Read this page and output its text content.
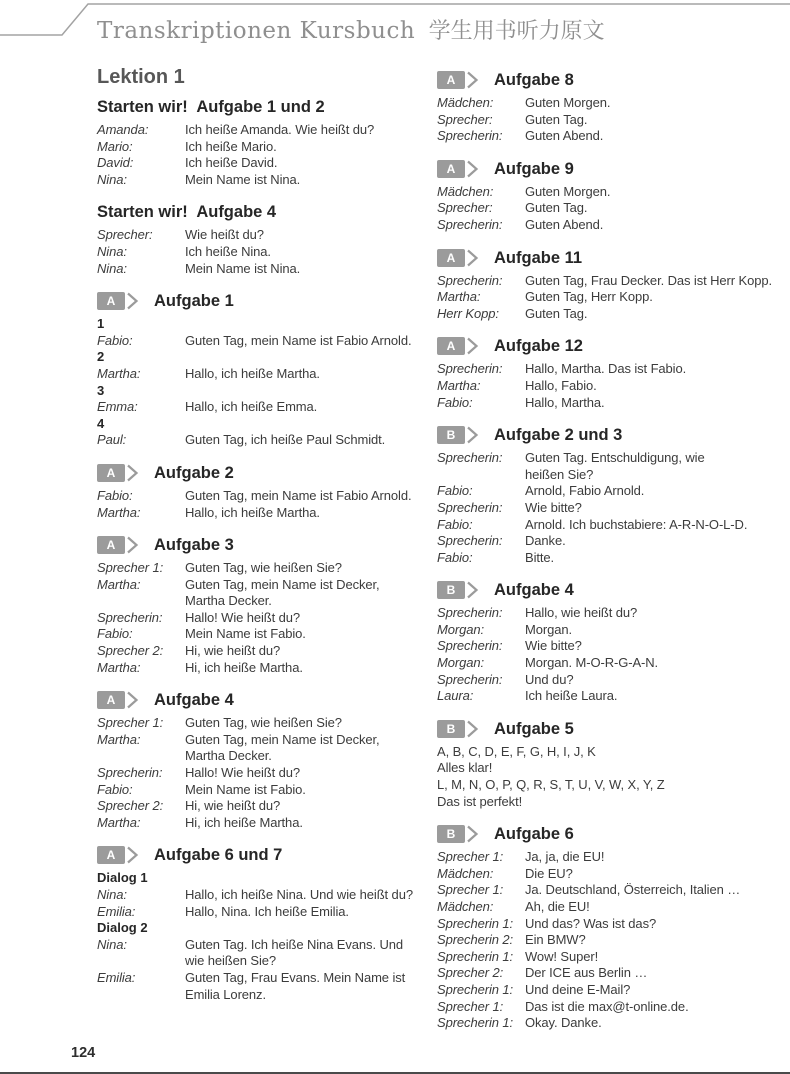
Transkriptionen Kursbuch 学生用书听力原文
Lektion 1
Starten wir!  Aufgabe 1 und 2
Amanda:	Ich heiße Amanda. Wie heißt du?
Mario:	Ich heiße Mario.
David:	Ich heiße David.
Nina:	Mein Name ist Nina.
Starten wir!  Aufgabe 4
Sprecher:	Wie heißt du?
Nina:	Ich heiße Nina.
Nina:	Mein Name ist Nina.
A	Aufgabe 1
1
Fabio:	Guten Tag, mein Name ist Fabio Arnold.
2
Martha:	Hallo, ich heiße Martha.
3
Emma:	Hallo, ich heiße Emma.
4
Paul:	Guten Tag, ich heiße Paul Schmidt.
A	Aufgabe 2
Fabio:	Guten Tag, mein Name ist Fabio Arnold.
Martha:	Hallo, ich heiße Martha.
A	Aufgabe 3
Sprecher 1:	Guten Tag, wie heißen Sie?
Martha:	Guten Tag, mein Name ist Decker,
Martha Decker.
Sprecherin:	Hallo! Wie heißt du?
Fabio:	Mein Name ist Fabio.
Sprecher 2:	Hi, wie heißt du?
Martha:	Hi, ich heiße Martha.
A	Aufgabe 4
Sprecher 1:	Guten Tag, wie heißen Sie?
Martha:	Guten Tag, mein Name ist Decker,
Martha Decker.
Sprecherin:	Hallo! Wie heißt du?
Fabio:	Mein Name ist Fabio.
Sprecher 2:	Hi, wie heißt du?
Martha:	Hi, ich heiße Martha.
A	Aufgabe 6 und 7
Dialog 1
Nina:	Hallo, ich heiße Nina. Und wie heißt du?
Emilia:	Hallo, Nina. Ich heiße Emilia.
Dialog 2
Nina:	Guten Tag. Ich heiße Nina Evans. Und
wie heißen Sie?
Emilia:	Guten Tag, Frau Evans. Mein Name ist
Emilia Lorenz.
A	Aufgabe 8
Mädchen:	Guten Morgen.
Sprecher:	Guten Tag.
Sprecherin:	Guten Abend.
A	Aufgabe 9
Mädchen:	Guten Morgen.
Sprecher:	Guten Tag.
Sprecherin:	Guten Abend.
A	Aufgabe 11
Sprecherin:	Guten Tag, Frau Decker. Das ist Herr Kopp.
Martha:	Guten Tag, Herr Kopp.
Herr Kopp:	Guten Tag.
A	Aufgabe 12
Sprecherin:	Hallo, Martha. Das ist Fabio.
Martha:	Hallo, Fabio.
Fabio:	Hallo, Martha.
B	Aufgabe 2 und 3
Sprecherin:	Guten Tag. Entschuldigung, wie
heißen Sie?
Fabio:	Arnold, Fabio Arnold.
Sprecherin:	Wie bitte?
Fabio:	Arnold. Ich buchstabiere: A-R-N-O-L-D.
Sprecherin:	Danke.
Fabio:	Bitte.
B	Aufgabe 4
Sprecherin:	Hallo, wie heißt du?
Morgan:	Morgan.
Sprecherin:	Wie bitte?
Morgan:	Morgan. M-O-R-G-A-N.
Sprecherin:	Und du?
Laura:	Ich heiße Laura.
B	Aufgabe 5
A, B, C, D, E, F, G, H, I, J, K
Alles klar!
L, M, N, O, P, Q, R, S, T, U, V, W, X, Y, Z
Das ist perfekt!
B	Aufgabe 6
Sprecher 1:	Ja, ja, die EU!
Mädchen:	Die EU?
Sprecher 1:	Ja. Deutschland, Österreich, Italien …
Mädchen:	Ah, die EU!
Sprecherin 1: Und das? Was ist das?
Sprecherin 2: Ein BMW?
Sprecherin 1: Wow! Super!
Sprecher 2:	Der ICE aus Berlin …
Sprecherin 1: Und deine E-Mail?
Sprecher 1:	Das ist die max@t-online.de.
Sprecherin 1: Okay. Danke.
124
